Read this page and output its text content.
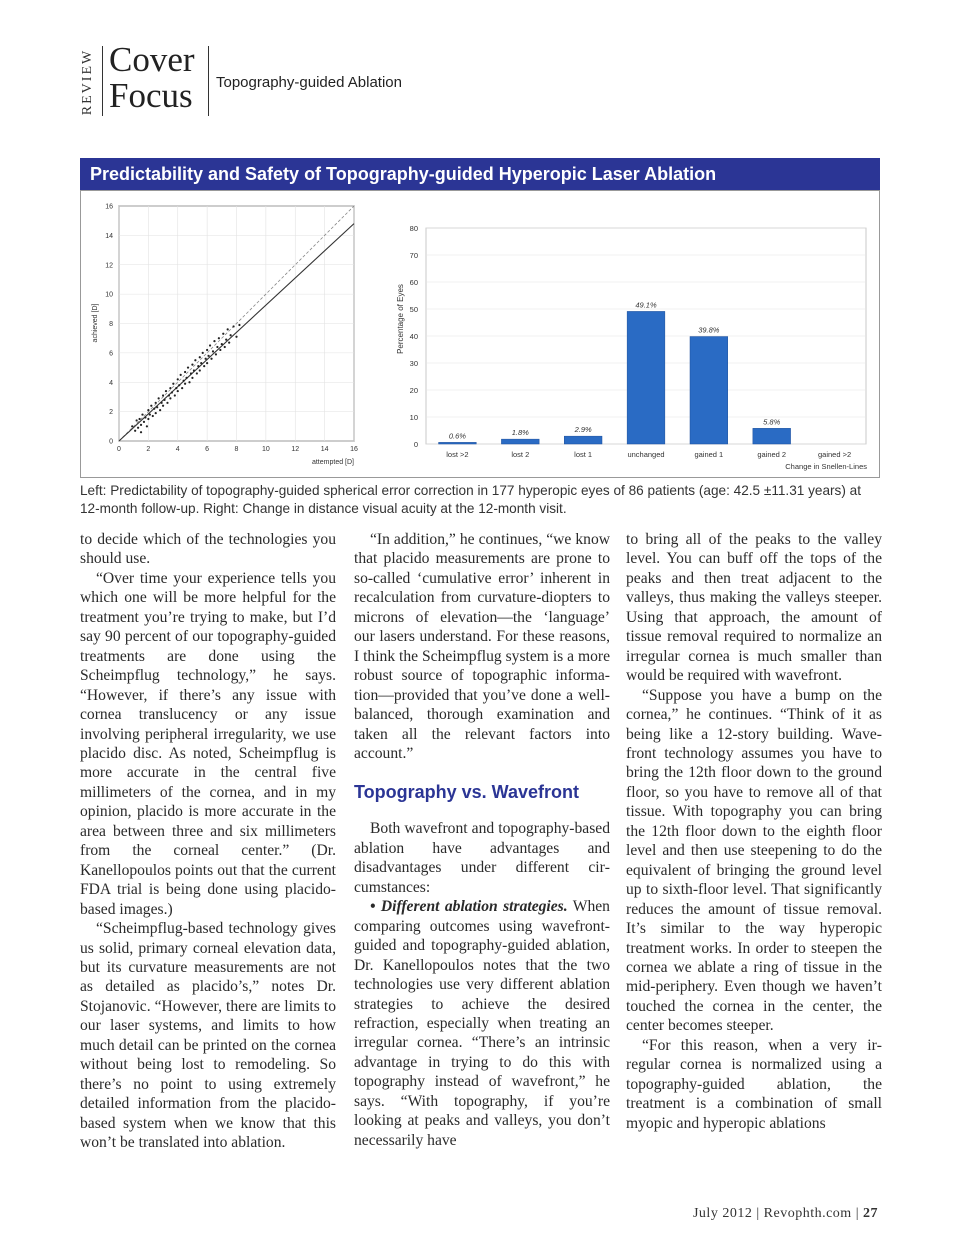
REVIEW Cover
Focus Topography-guided Ablation
Predictability and Safety of Topography-guided Hyperopic Laser Ablation
0	2	4	6	8	10	12	14	16
0
2
4
6
8
10
12
14
16
attempted [D]
achieved [D]
0
10
20
30
40
50
60
70
80
0.6%	1.8%	2.9%
49.1%
39.8%
5.8%
lost >2	lost 2	lost 1	unchanged	gained 1	gained 2	gained >2
Percentage of Eyes
Change in Snellen-Lines
Left: Predictability of topography-guided spherical error correction in 177 hyperopic eyes of 86 patients (age: 42.5 ±11.31 years) at 12-month follow-up. Right: Change in distance visual acuity at the 12-month visit.

to decide which of the technologies you should use.

“Over time your experience tells you which one will be more helpful for the treatment you’re trying to make, but I’d say 90 percent of our topography-guided treatments are done using the Scheimpflug technology,” he says. “However, if there’s any issue with cornea translucency or any issue involving peripheral irregularity, we use placido disc. As noted, Scheimpflug is more accurate in the central five millimeters of the cornea, and in my opinion, placido is more accurate in the area between three and six millimeters from the corneal center.” (Dr. Kanellopoulos points out that the current FDA trial is being done using placido-based images.)

“Scheimpflug-based technology gives us solid, primary corneal elevation data, but its curvature measurements are not as detailed as placido’s,” notes Dr. Stojanovic. “However, there are limits to our laser systems, and limits to how much detail can be printed on the cornea without being lost to remodeling. So there’s no point to using extremely detailed information from the placido-based system when we know that this won’t be translated into ablation.

“In addition,” he continues, “we know that placido measurements are prone to so-called ‘cumulative error’ inherent in recalculation from curvature-diopters to microns of elevation—the ‘language’ our lasers understand. For these reasons, I think the Scheimpflug system is a more robust source of topographic information—provided that you’ve done a well-balanced, thorough examination and taken all the relevant factors into account.”

Topography vs. Wavefront

Both wavefront and topography-based ablation have advantages and disadvantages under different circumstances:

• Different ablation strategies. When comparing outcomes using wavefront-guided and topography-guided ablation, Dr. Kanellopoulos notes that the two technologies use very different ablation strategies to achieve the desired refraction, especially when treating an irregular cornea. “There’s an intrinsic advantage in trying to do this with topography instead of wavefront,” he says. “With topography, if you’re looking at peaks and valleys, you don’t necessarily have

to bring all of the peaks to the valley level. You can buff off the tops of the peaks and then treat adjacent to the valleys, thus making the valleys steeper. Using that approach, the amount of tissue removal required to normalize an irregular cornea is much smaller than would be required with wavefront.

“Suppose you have a bump on the cornea,” he continues. “Think of it as being like a 12-story building. Wavefront technology assumes you have to bring the 12th floor down to the ground floor, so you have to remove all of that tissue. With topography you can bring the 12th floor down to the eighth floor level and then use steepening to do the equivalent of bringing the ground level up to sixth-floor level. That significantly reduces the amount of tissue removal. It’s similar to the way hyperopic treatment works. In order to steepen the cornea we ablate a ring of tissue in the mid-periphery. Even though we haven’t touched the cornea in the center, the center becomes steeper.

“For this reason, when a very irregular cornea is normalized using a topography-guided ablation, the treatment is a combination of small myopic and hyperopic ablations

July 2012 | Revophth.com | 27
